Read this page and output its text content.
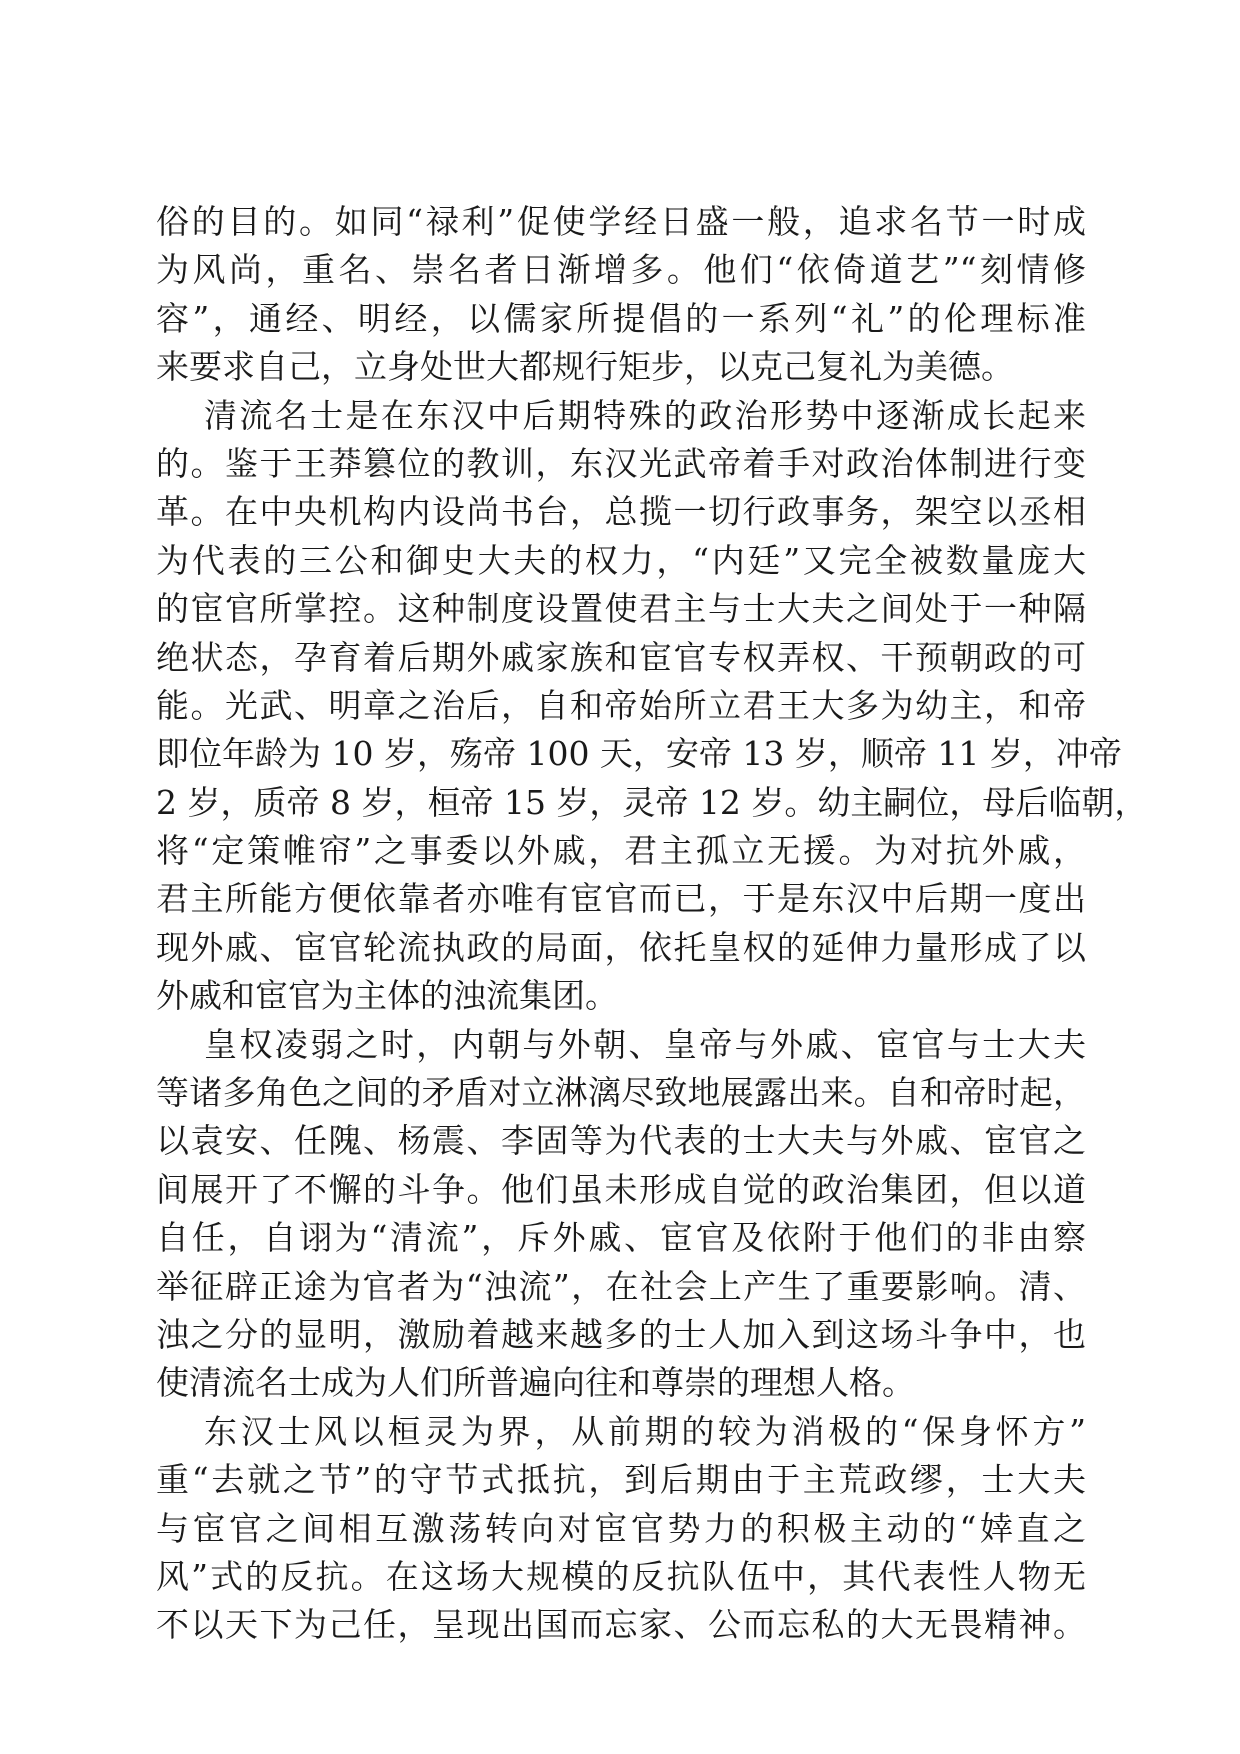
俗的目的。如同“禄利”促使学经日盛一般，追求名节一时成
为风尚，重名、崇名者日渐增多。他们“依倚道艺”“刻情修
容”，通经、明经，以儒家所提倡的一系列“礼”的伦理标准
来要求自己，立身处世大都规行矩步，以克己复礼为美德。
清流名士是在东汉中后期特殊的政治形势中逐渐成长起来
的。鉴于王莽篡位的教训，东汉光武帝着手对政治体制进行变
革。在中央机构内设尚书台，总揽一切行政事务，架空以丞相
为代表的三公和御史大夫的权力，“内廷”又完全被数量庞大
的宦官所掌控。这种制度设置使君主与士大夫之间处于一种隔
绝状态，孕育着后期外戚家族和宦官专权弄权、干预朝政的可
能。光武、明章之治后，自和帝始所立君王大多为幼主，和帝
即位年龄为 10 岁，殇帝 100 天，安帝 13 岁，顺帝 11 岁，冲帝
2 岁，质帝 8 岁，桓帝 15 岁，灵帝 12 岁。幼主嗣位，母后临朝，
将“定策帷帘”之事委以外戚，君主孤立无援。为对抗外戚，
君主所能方便依靠者亦唯有宦官而已，于是东汉中后期一度出
现外戚、宦官轮流执政的局面，依托皇权的延伸力量形成了以
外戚和宦官为主体的浊流集团。
皇权凌弱之时，内朝与外朝、皇帝与外戚、宦官与士大夫
等诸多角色之间的矛盾对立淋漓尽致地展露出来。自和帝时起，
以袁安、任隗、杨震、李固等为代表的士大夫与外戚、宦官之
间展开了不懈的斗争。他们虽未形成自觉的政治集团，但以道
自任，自诩为“清流”，斥外戚、宦官及依附于他们的非由察
举征辟正途为官者为“浊流”，在社会上产生了重要影响。清、
浊之分的显明，激励着越来越多的士人加入到这场斗争中，也
使清流名士成为人们所普遍向往和尊崇的理想人格。
东汉士风以桓灵为界，从前期的较为消极的“保身怀方”
重“去就之节”的守节式抵抗，到后期由于主荒政缪，士大夫
与宦官之间相互激荡转向对宦官势力的积极主动的“婞直之
风”式的反抗。在这场大规模的反抗队伍中，其代表性人物无
不以天下为己任，呈现出国而忘家、公而忘私的大无畏精神。
